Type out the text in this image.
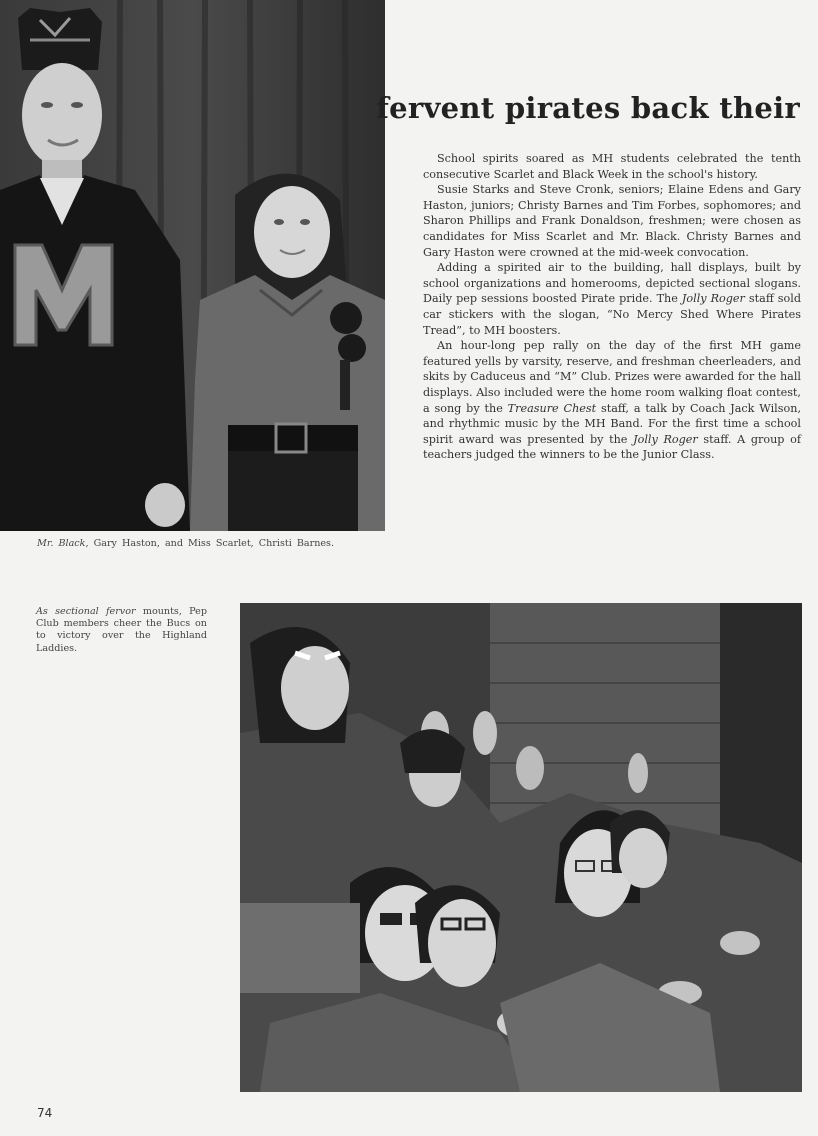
fervent pirates back their

School spirits soared as MH students celebrated the tenth consecutive Scarlet and Black Week in the school's history.

Susie Starks and Steve Cronk, seniors; Elaine Edens and Gary Haston, juniors; Christy Barnes and Tim Forbes, sophomores; and Sharon Phillips and Frank Donaldson, freshmen; were chosen as candidates for Miss Scarlet and Mr. Black. Christy Barnes and Gary Haston were crowned at the mid-week convocation.

Adding a spirited air to the building, hall displays, built by school organizations and homerooms, depicted sectional slogans. Daily pep sessions boosted Pirate pride. The Jolly Roger staff sold car stickers with the slogan, “No Mercy Shed Where Pirates Tread”, to MH boosters.

An hour-long pep rally on the day of the first MH game featured yells by varsity, reserve, and freshman cheerleaders, and skits by Caduceus and “M” Club. Prizes were awarded for the hall displays. Also included were the home room walking float contest, a song by the Treasure Chest staff, a talk by Coach Jack Wilson, and rhythmic music by the MH Band. For the first time a school spirit award was presented by the Jolly Roger staff. A group of teachers judged the winners to be the Junior Class.

Mr. Black, Gary Haston, and Miss Scarlet, Christi Barnes.
As sectional fervor mounts, Pep Club members cheer the Bucs on to victory over the Highland Laddies.
74
